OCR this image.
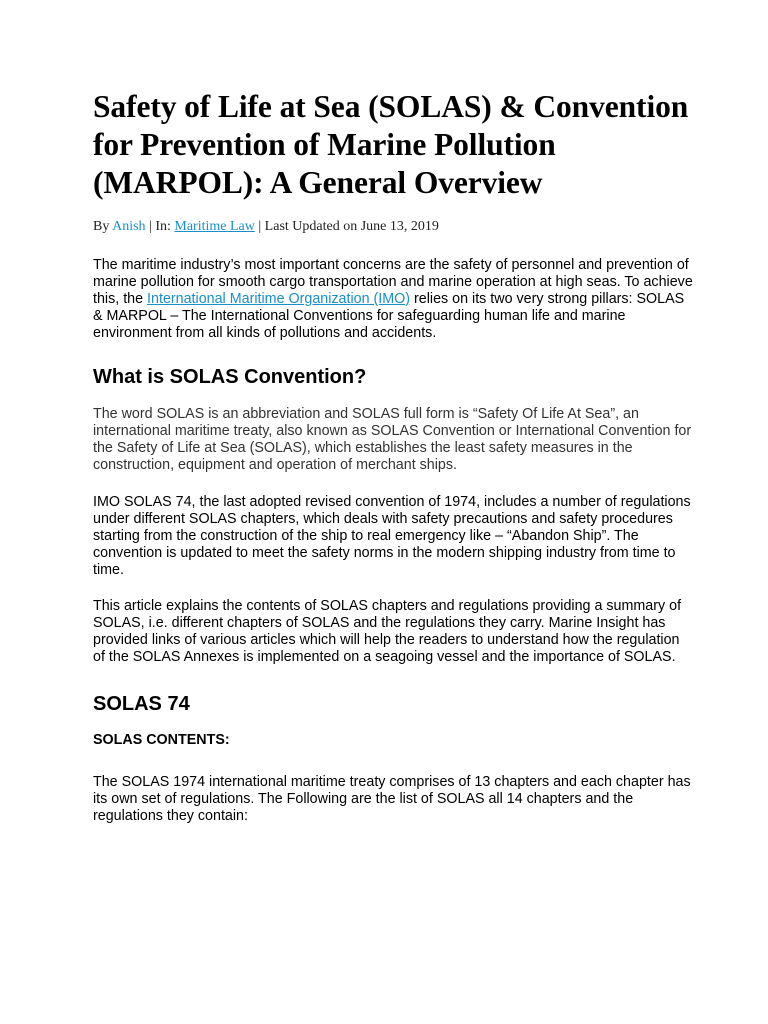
Safety of Life at Sea (SOLAS) & Convention for Prevention of Marine Pollution (MARPOL): A General Overview
By Anish | In: Maritime Law | Last Updated on June 13, 2019

The maritime industry’s most important concerns are the safety of personnel and prevention of marine pollution for smooth cargo transportation and marine operation at high seas. To achieve this, the International Maritime Organization (IMO) relies on its two very strong pillars: SOLAS & MARPOL – The International Conventions for safeguarding human life and marine environment from all kinds of pollutions and accidents.

What is SOLAS Convention?

The word SOLAS is an abbreviation and SOLAS full form is “Safety Of Life At Sea”, an international maritime treaty, also known as SOLAS Convention or International Convention for the Safety of Life at Sea (SOLAS), which establishes the least safety measures in the construction, equipment and operation of merchant ships.

IMO SOLAS 74, the last adopted revised convention of 1974, includes a number of regulations under different SOLAS chapters, which deals with safety precautions and safety procedures starting from the construction of the ship to real emergency like – “Abandon Ship”. The convention is updated to meet the safety norms in the modern shipping industry from time to time.

This article explains the contents of SOLAS chapters and regulations providing a summary of SOLAS, i.e. different chapters of SOLAS and the regulations they carry. Marine Insight has provided links of various articles which will help the readers to understand how the regulation of the SOLAS Annexes is implemented on a seagoing vessel and the importance of SOLAS.

SOLAS 74
SOLAS CONTENTS:

The SOLAS 1974 international maritime treaty comprises of 13 chapters and each chapter has its own set of regulations. The Following are the list of SOLAS all 14 chapters and the regulations they contain:
